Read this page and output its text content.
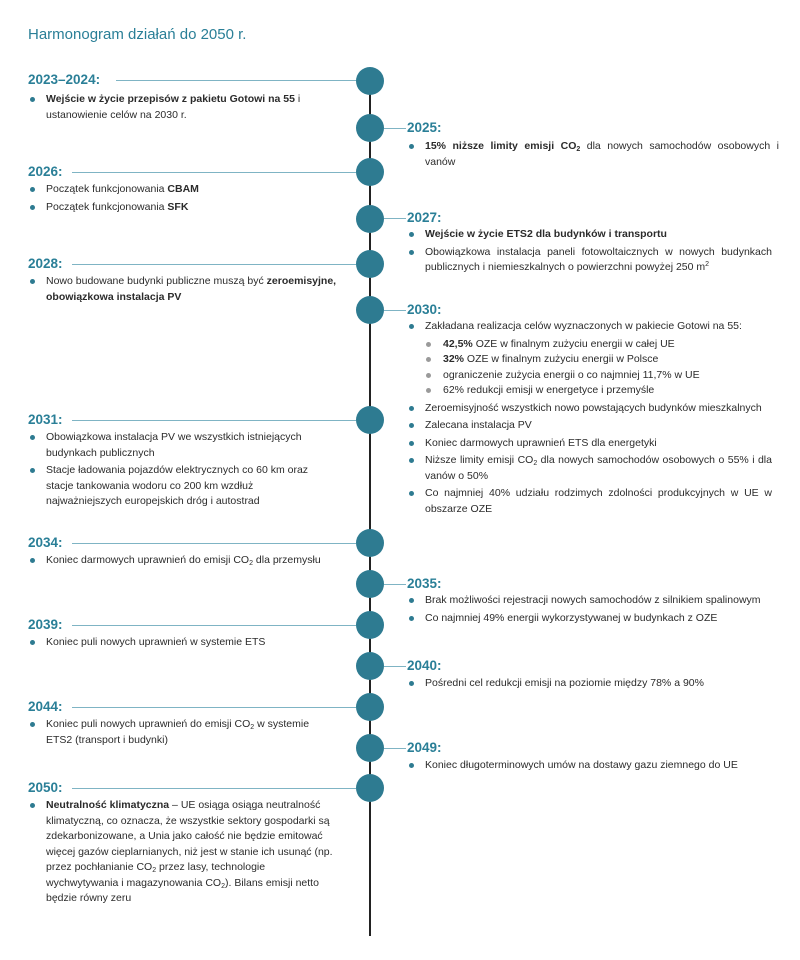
Harmonogram działań do 2050 r.
2023–2024:
Wejście w życie przepisów z pakietu Gotowi na 55 i ustanowienie celów na 2030 r.
2025:
15% niższe limity emisji $CO_2$ dla nowych samochodów osobowych i vanów
2026:
Początek funkcjonowania CBAM
Początek funkcjonowania SFK
2027:
Wejście w życie ETS2 dla budynków i transportu
Obowiązkowa instalacja paneli fotowoltaicznych w nowych budynkach publicznych i niemieszkalnych o powierzchni powyżej 250 $m^2$
2028:
Nowo budowane budynki publiczne muszą być zeroemisyjne, obowiązkowa instalacja PV
2030:
Zakładana realizacja celów wyznaczonych w pakiecie Gotowi na 55:
42,5% OZE w finalnym zużyciu energii w całej UE
32% OZE w finalnym zużyciu energii w Polsce
ograniczenie zużycia energii o co najmniej 11,7% w UE
62% redukcji emisji w energetyce i przemyśle
Zeroemisyjność wszystkich nowo powstających budynków mieszkalnych
Zalecana instalacja PV
Koniec darmowych uprawnień ETS dla energetyki
Niższe limity emisji $CO_2$ dla nowych samochodów osobowych o 55% i dla vanów o 50%
Co najmniej 40% udziału rodzimych zdolności produkcyjnych w UE w obszarze OZE
2031:
Obowiązkowa instalacja PV we wszystkich istniejących budynkach publicznych
Stacje ładowania pojazdów elektrycznych co 60 km oraz stacje tankowania wodoru co 200 km wzdłuż najważniejszych europejskich dróg i autostrad
2034:
Koniec darmowych uprawnień do emisji $CO_2$ dla przemysłu
2035:
Brak możliwości rejestracji nowych samochodów z silnikiem spalinowym
Co najmniej 49% energii wykorzystywanej w budynkach z OZE
2039:
Koniec puli nowych uprawnień w systemie ETS
2040:
Pośredni cel redukcji emisji na poziomie między 78% a 90%
2044:
Koniec puli nowych uprawnień do emisji $CO_2$ w systemie ETS2 (transport i budynki)
2049:
Koniec długoterminowych umów na dostawy gazu ziemnego do UE
2050:
Neutralność klimatyczna – UE osiąga osiąga neutralność klimatyczną, co oznacza, że wszystkie sektory gospodarki są zdekarbonizowane, a Unia jako całość nie będzie emitować więcej gazów cieplarnianych, niż jest w stanie ich usunąć (np. przez pochłanianie $CO_2$ przez lasy, technologie wychwytywania i magazynowania $CO_2$). Bilans emisji netto będzie równy zeru
